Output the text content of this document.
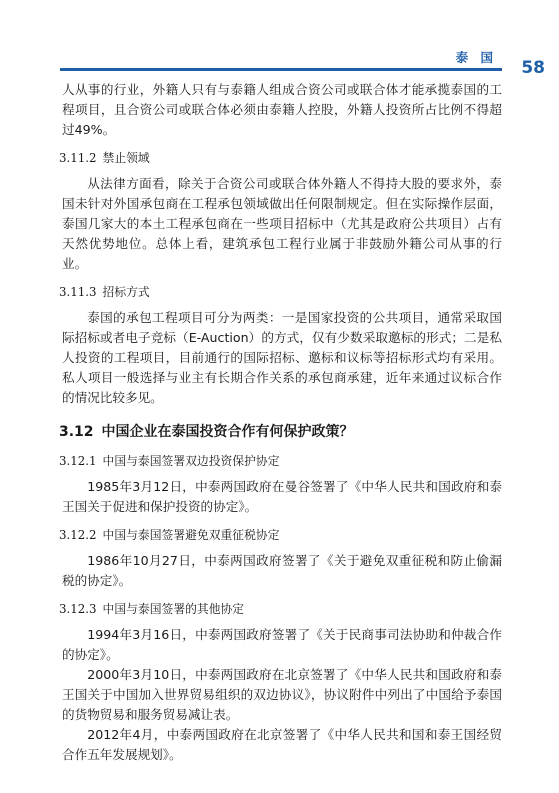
泰 国
58

人从事的行业，外籍人只有与泰籍人组成合资公司或联合体才能承揽泰国的工程项目，且合资公司或联合体必须由泰籍人控股，外籍人投资所占比例不得超过49%。

3.11.2 禁止领域

从法律方面看，除关于合资公司或联合体外籍人不得持大股的要求外，泰国未针对外国承包商在工程承包领域做出任何限制规定。但在实际操作层面，泰国几家大的本土工程承包商在一些项目招标中（尤其是政府公共项目）占有天然优势地位。总体上看，建筑承包工程行业属于非鼓励外籍公司从事的行业。

3.11.3 招标方式

泰国的承包工程项目可分为两类：一是国家投资的公共项目，通常采取国际招标或者电子竞标（E-Auction）的方式，仅有少数采取邀标的形式；二是私人投资的工程项目，目前通行的国际招标、邀标和议标等招标形式均有采用。私人项目一般选择与业主有长期合作关系的承包商承建，近年来通过议标合作的情况比较多见。

3.12 中国企业在泰国投资合作有何保护政策？
3.12.1 中国与泰国签署双边投资保护协定

1985年3月12日，中泰两国政府在曼谷签署了《中华人民共和国政府和泰王国关于促进和保护投资的协定》。

3.12.2 中国与泰国签署避免双重征税协定

1986年10月27日，中泰两国政府签署了《关于避免双重征税和防止偷漏税的协定》。

3.12.3 中国与泰国签署的其他协定

1994年3月16日，中泰两国政府签署了《关于民商事司法协助和仲裁合作的协定》。

2000年3月10日，中泰两国政府在北京签署了《中华人民共和国政府和泰王国关于中国加入世界贸易组织的双边协议》，协议附件中列出了中国给予泰国的货物贸易和服务贸易减让表。

2012年4月，中泰两国政府在北京签署了《中华人民共和国和泰王国经贸合作五年发展规划》。
